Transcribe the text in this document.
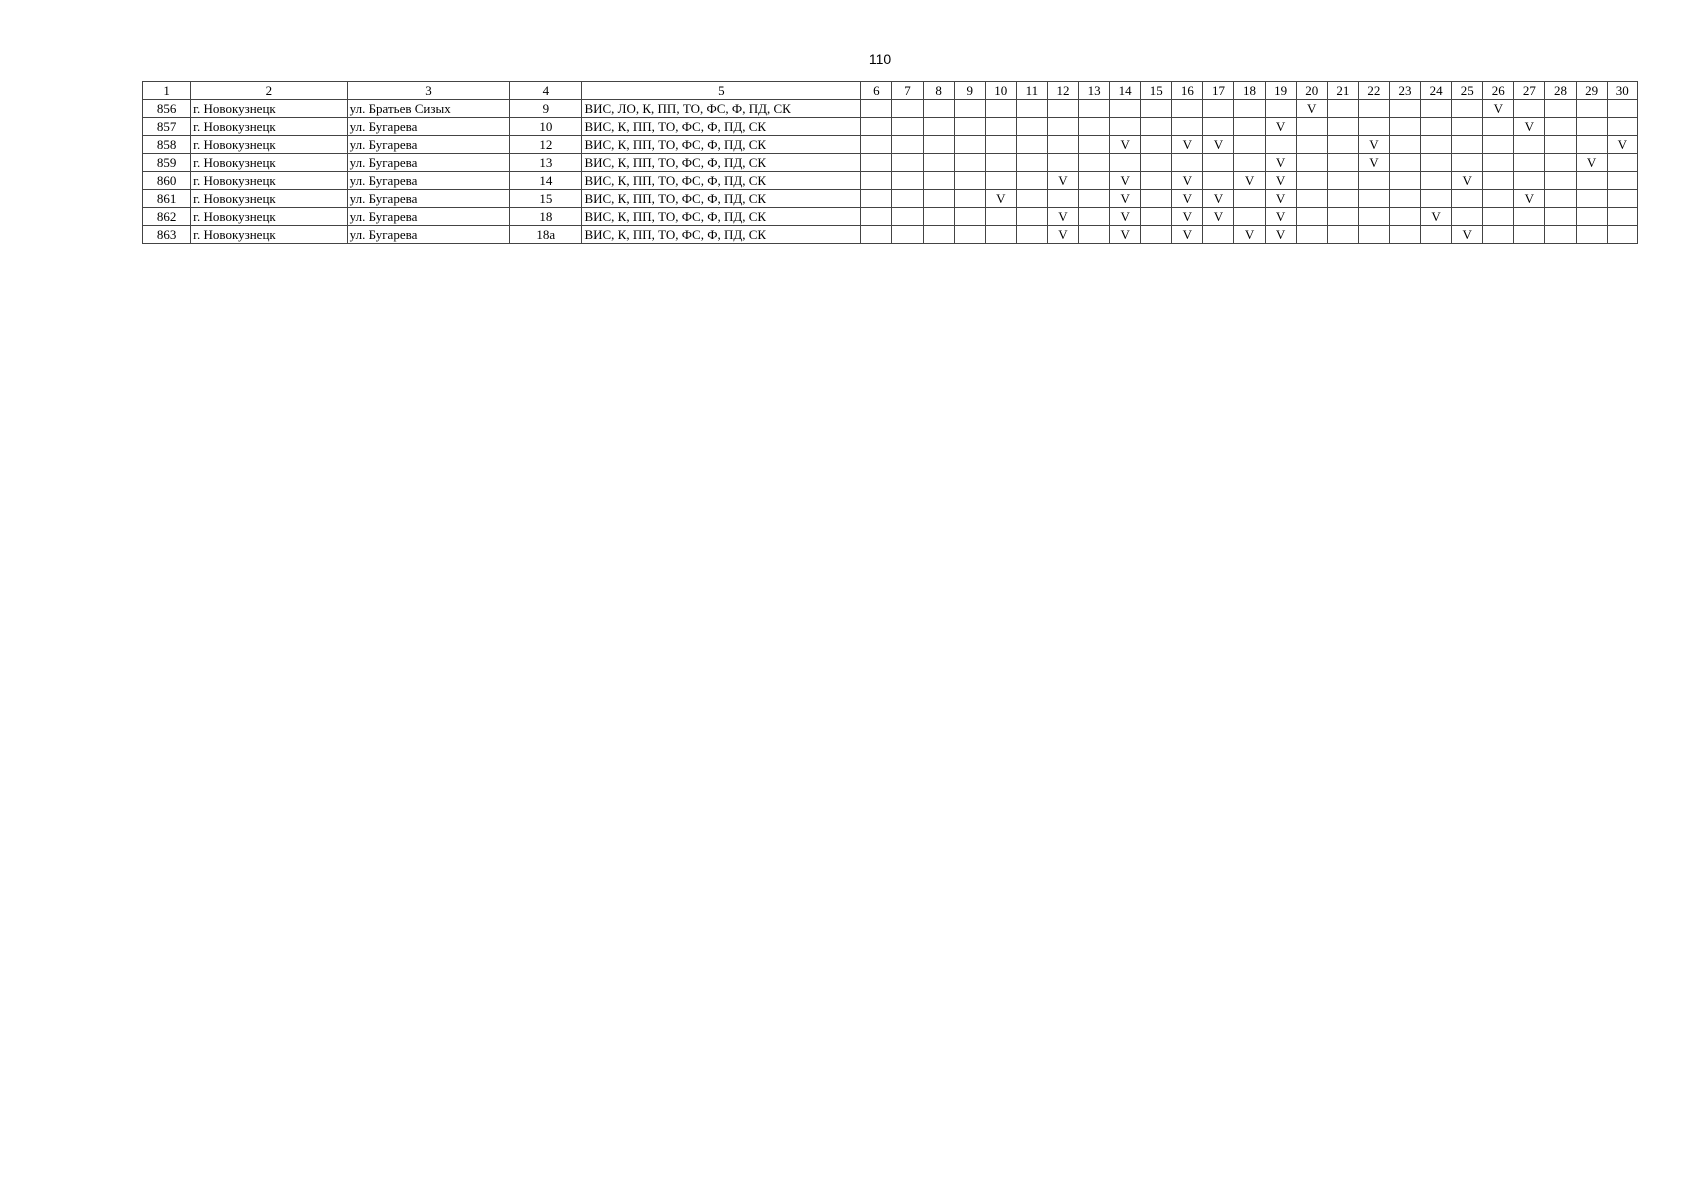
110
1	2	3	4	5	6	7	8	9	10	11	12	13	14	15	16	17	18	19	20	21	22	23	24	25	26	27	28	29	30
856	г. Новокузнецк	ул. Братьев Сизых	9	ВИС, ЛО, К, ПП, ТО, ФС, Ф, ПД, СК															V						V				
857	г. Новокузнецк	ул. Бугарева	10	ВИС, К, ПП, ТО, ФС, Ф, ПД, СК														V								V			
858	г. Новокузнецк	ул. Бугарева	12	ВИС, К, ПП, ТО, ФС, Ф, ПД, СК									V		V	V					V								V
859	г. Новокузнецк	ул. Бугарева	13	ВИС, К, ПП, ТО, ФС, Ф, ПД, СК														V			V							V	
860	г. Новокузнецк	ул. Бугарева	14	ВИС, К, ПП, ТО, ФС, Ф, ПД, СК							V		V		V		V	V						V					
861	г. Новокузнецк	ул. Бугарева	15	ВИС, К, ПП, ТО, ФС, Ф, ПД, СК					V				V		V	V		V								V			
862	г. Новокузнецк	ул. Бугарева	18	ВИС, К, ПП, ТО, ФС, Ф, ПД, СК							V		V		V	V		V					V						
863	г. Новокузнецк	ул. Бугарева	18а	ВИС, К, ПП, ТО, ФС, Ф, ПД, СК							V		V		V		V	V						V					
